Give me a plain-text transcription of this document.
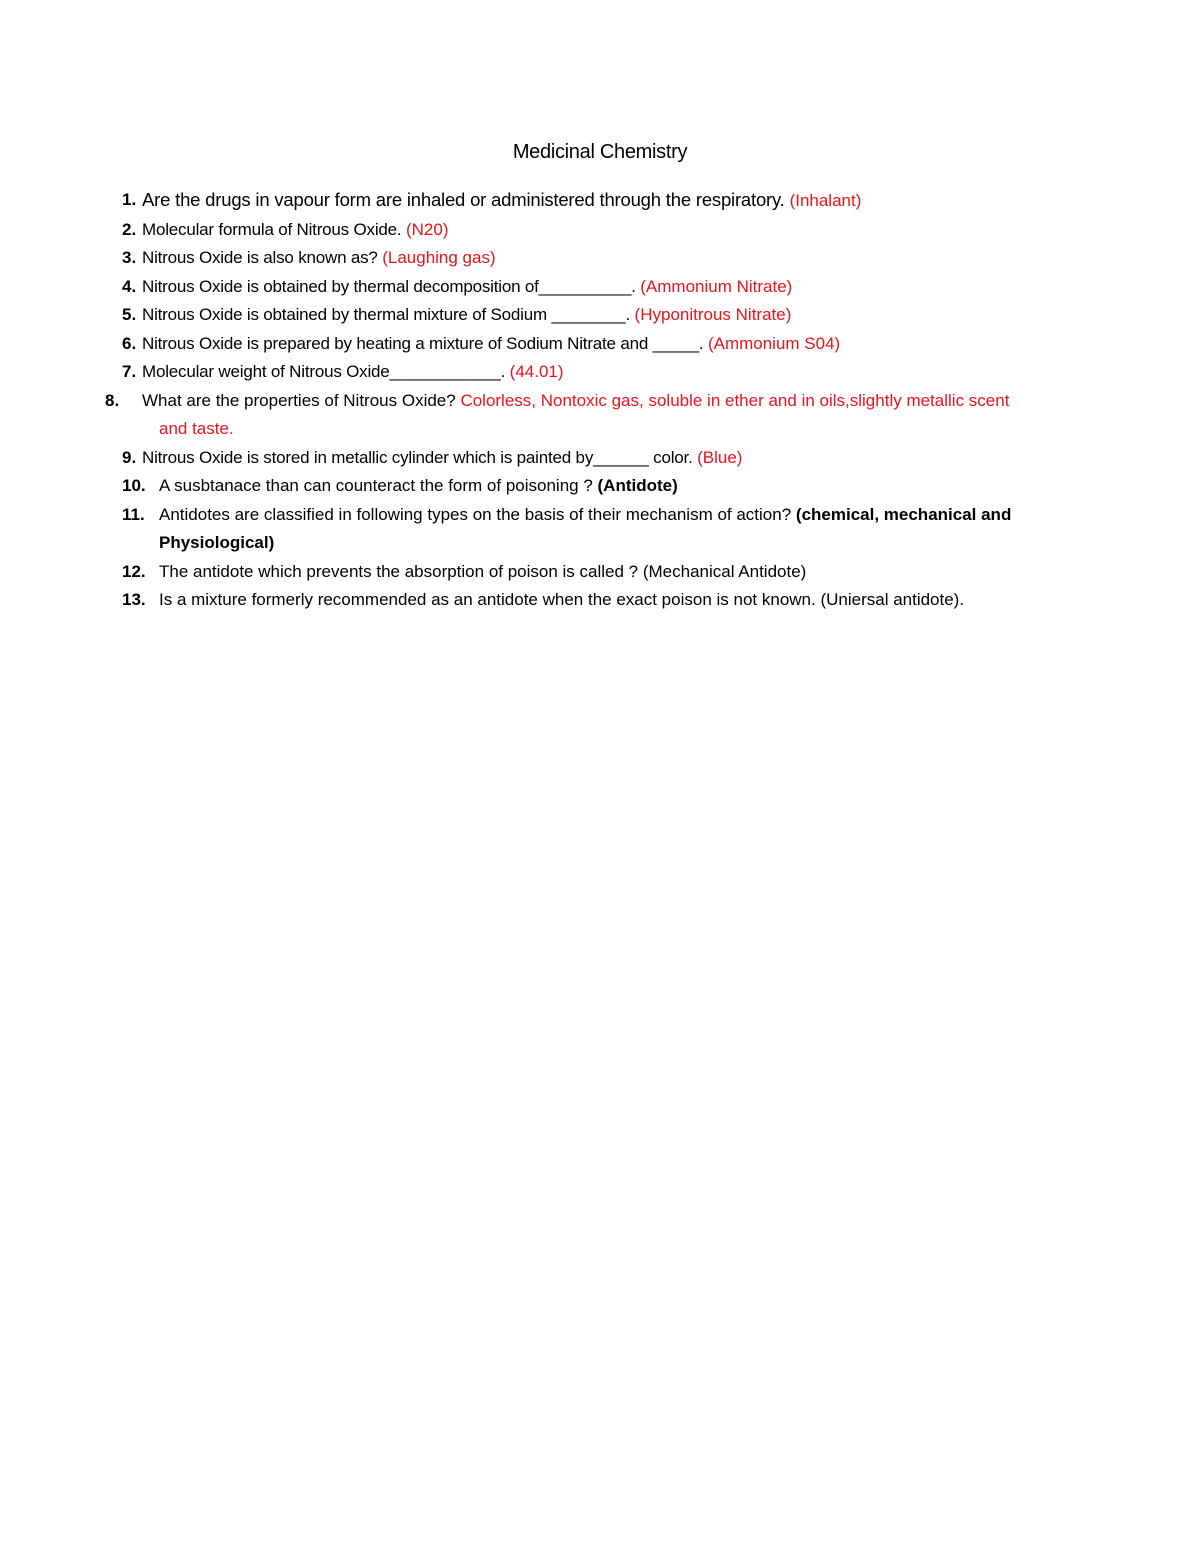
Medicinal Chemistry
1. Are the drugs in vapour form are inhaled or administered through the respiratory. (Inhalant)
2. Molecular formula of Nitrous Oxide. (N20)
3. Nitrous Oxide is also known as? (Laughing gas)
4. Nitrous Oxide is obtained by thermal decomposition of__________. (Ammonium Nitrate)
5. Nitrous Oxide is obtained by thermal mixture of Sodium ________. (Hyponitrous Nitrate)
6. Nitrous Oxide is prepared by heating a mixture of Sodium Nitrate and _____. (Ammonium S04)
7. Molecular weight of Nitrous Oxide____________. (44.01)
8. What are the properties of Nitrous Oxide? Colorless, Nontoxic gas, soluble in ether and in oils,slightly metallic scent and taste.
9. Nitrous Oxide is stored in metallic cylinder which is painted by______ color. (Blue)
10. A susbtanace than can counteract the form of poisoning ? (Antidote)
11. Antidotes are classified in following types on the basis of their mechanism of action? (chemical, mechanical and Physiological)
12. The antidote which prevents the absorption of poison is called ? (Mechanical Antidote)
13. Is a mixture formerly recommended as an antidote when the exact poison is not known. (Uniersal antidote).
